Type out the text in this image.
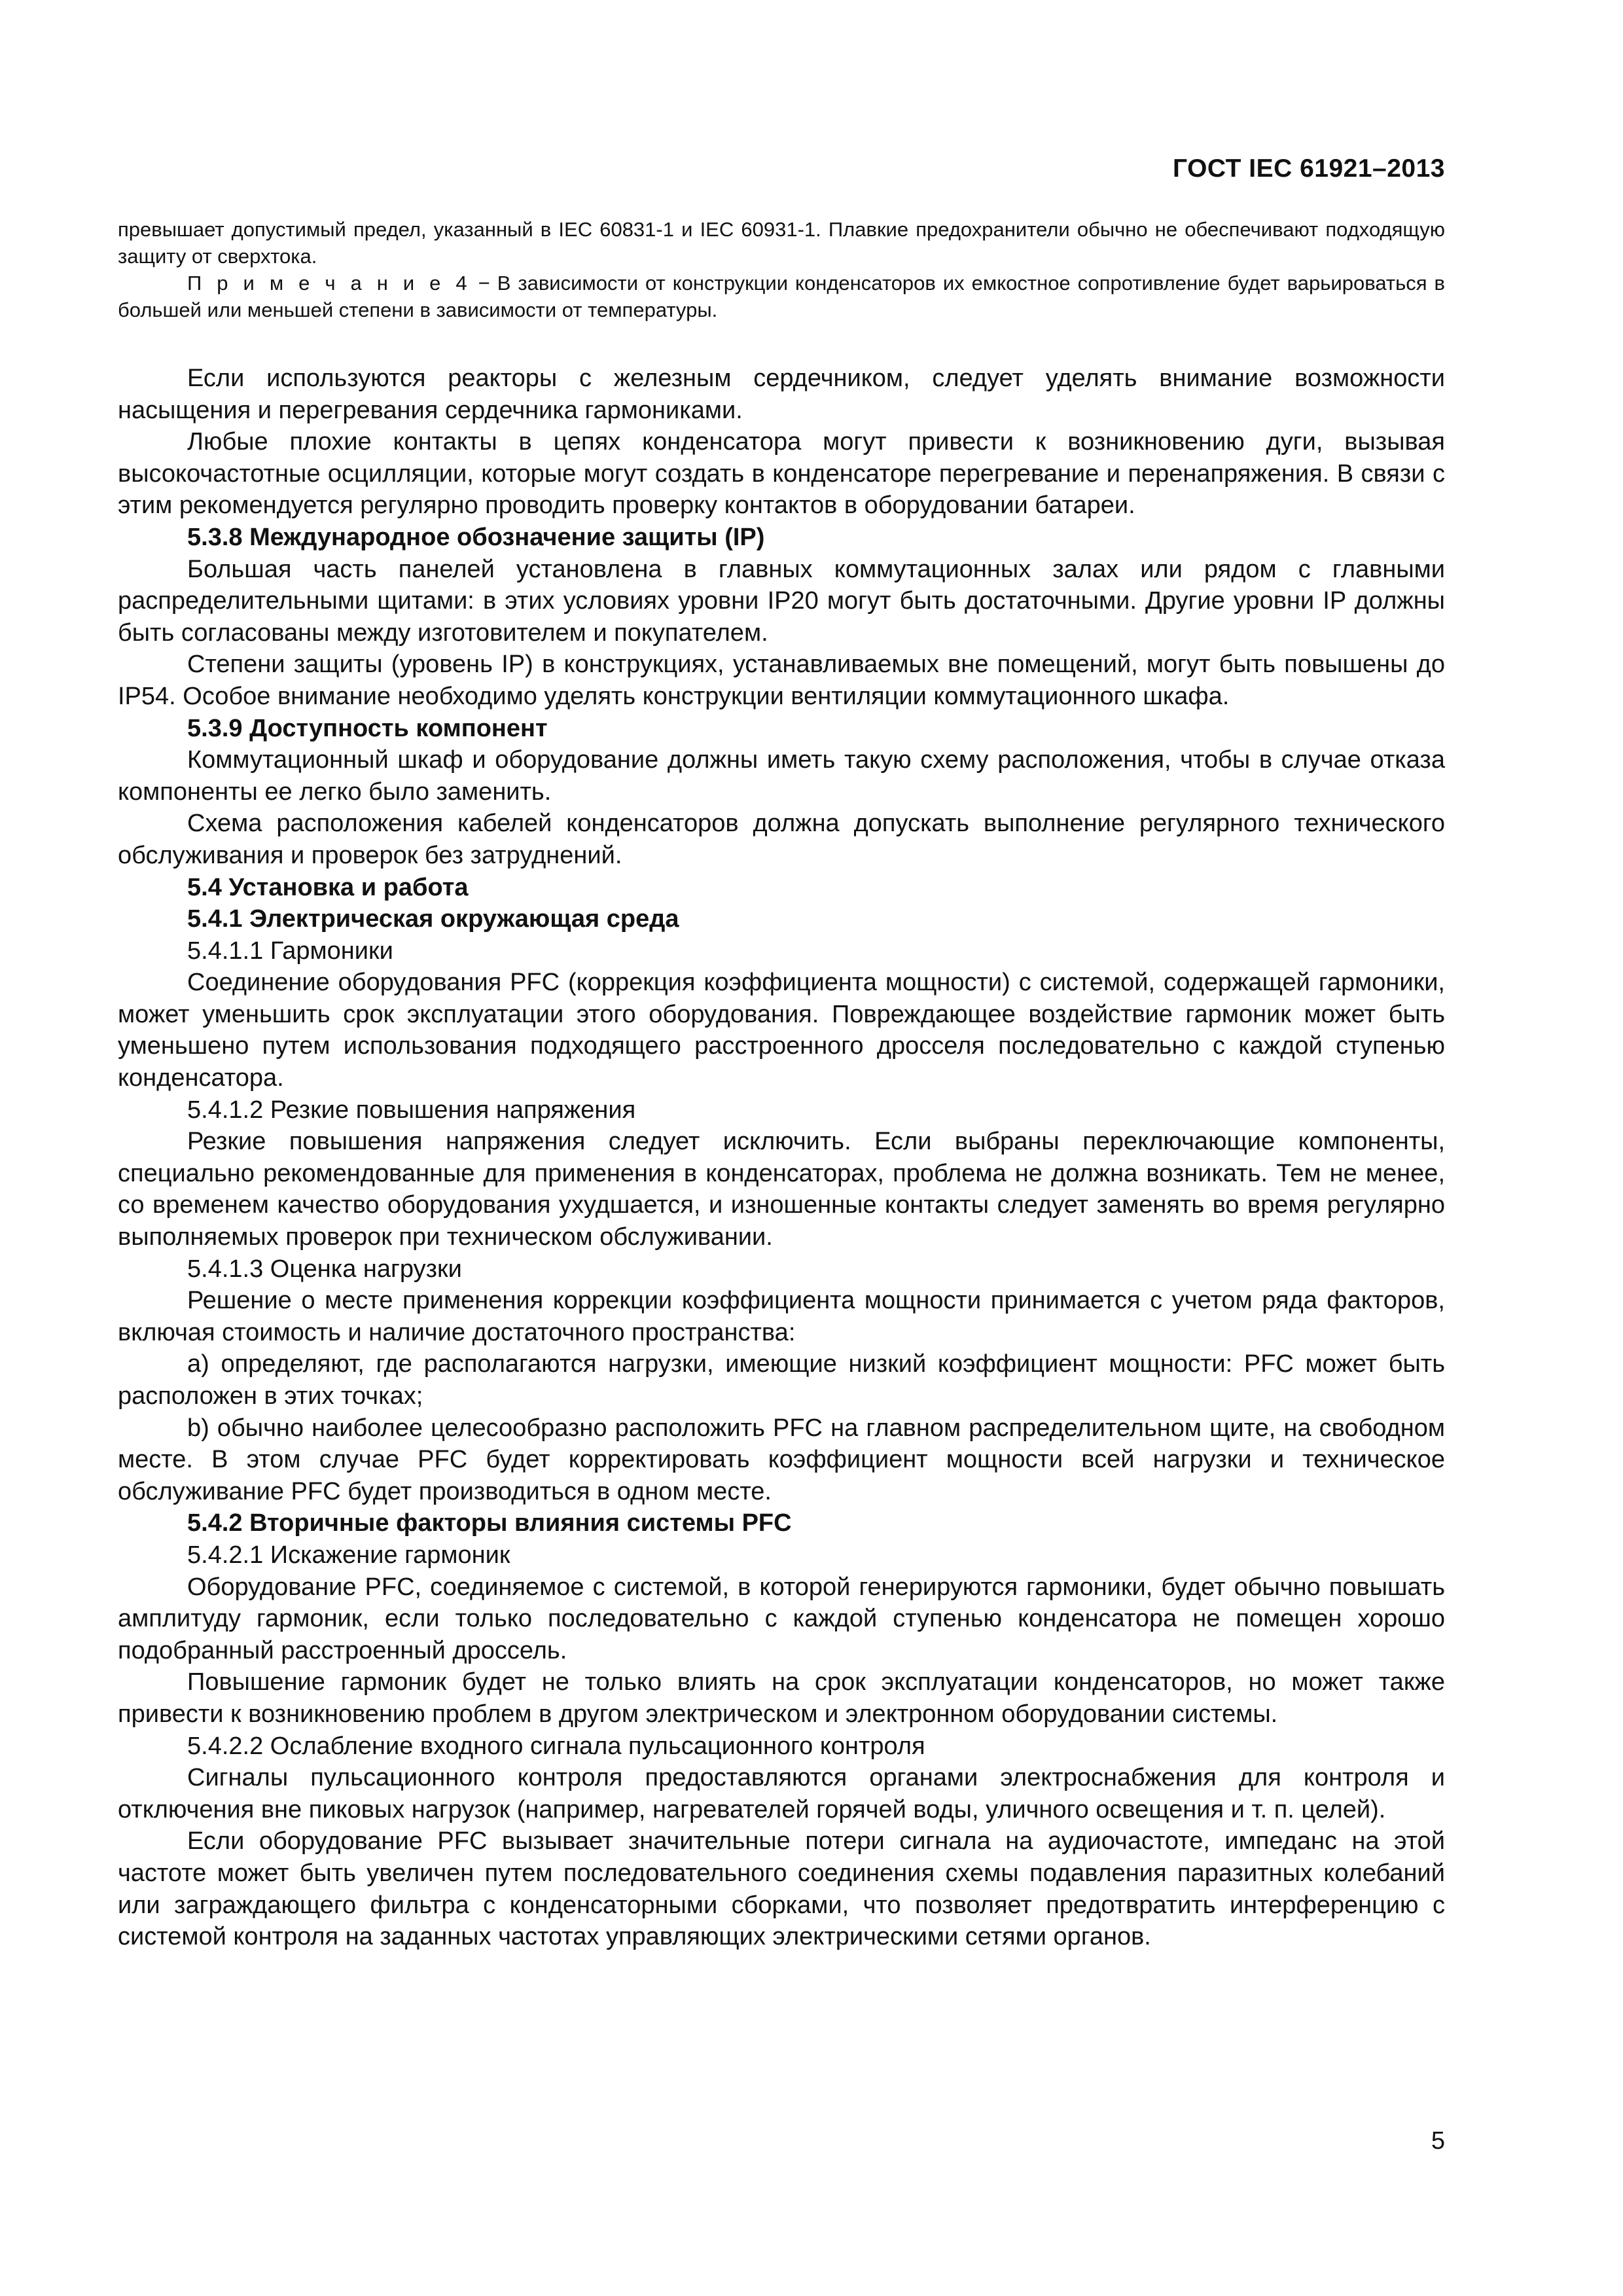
ГОСТ IEC 61921–2013

превышает допустимый предел, указанный в IEC 60831-1 и IEC 60931-1. Плавкие предохранители обычно не обеспечивают подходящую защиту от сверхтока.

П р и м е ч а н и е 4 − В зависимости от конструкции конденсаторов их емкостное сопротивление будет варьироваться в большей или меньшей степени в зависимости от температуры.

Если используются реакторы с железным сердечником, следует уделять внимание возможности насыщения и перегревания сердечника гармониками.

Любые плохие контакты в цепях конденсатора могут привести к возникновению дуги, вызывая высокочастотные осцилляции, которые могут создать в конденсаторе перегревание и перенапряжения. В связи с этим рекомендуется регулярно проводить проверку контактов в оборудовании батареи.

5.3.8 Международное обозначение защиты (IP)

Большая часть панелей установлена в главных коммутационных залах или рядом с главными распределительными щитами: в этих условиях уровни IP20 могут быть достаточными. Другие уровни IP должны быть согласованы между изготовителем и покупателем.

Степени защиты (уровень IP) в конструкциях, устанавливаемых вне помещений, могут быть повышены до IP54. Особое внимание необходимо уделять конструкции вентиляции коммутационного шкафа.

5.3.9 Доступность компонент

Коммутационный шкаф и оборудование должны иметь такую схему расположения, чтобы в случае отказа компоненты ее легко было заменить.

Схема расположения кабелей конденсаторов должна допускать выполнение регулярного технического обслуживания и проверок без затруднений.

5.4 Установка и работа

5.4.1 Электрическая окружающая среда

5.4.1.1 Гармоники

Соединение оборудования PFC (коррекция коэффициента мощности) с системой, содержащей гармоники, может уменьшить срок эксплуатации этого оборудования. Повреждающее воздействие гармоник может быть уменьшено путем использования подходящего расстроенного дросселя последовательно с каждой ступенью конденсатора.

5.4.1.2 Резкие повышения напряжения

Резкие повышения напряжения следует исключить. Если выбраны переключающие компоненты, специально рекомендованные для применения в конденсаторах, проблема не должна возникать. Тем не менее, со временем качество оборудования ухудшается, и изношенные контакты следует заменять во время регулярно выполняемых проверок при техническом обслуживании.

5.4.1.3 Оценка нагрузки

Решение о месте применения коррекции коэффициента мощности принимается с учетом ряда факторов, включая стоимость и наличие достаточного пространства:

a) определяют, где располагаются нагрузки, имеющие низкий коэффициент мощности: PFC может быть расположен в этих точках;

b) обычно наиболее целесообразно расположить PFC на главном распределительном щите, на свободном месте. В этом случае PFC будет корректировать коэффициент мощности всей нагрузки и техническое обслуживание PFC будет производиться в одном месте.

5.4.2 Вторичные факторы влияния системы PFC

5.4.2.1 Искажение гармоник

Оборудование PFC, соединяемое с системой, в которой генерируются гармоники, будет обычно повышать амплитуду гармоник, если только последовательно с каждой ступенью конденсатора не помещен хорошо подобранный расстроенный дроссель.

Повышение гармоник будет не только влиять на срок эксплуатации конденсаторов, но может также привести к возникновению проблем в другом электрическом и электронном оборудовании системы.

5.4.2.2 Ослабление входного сигнала пульсационного контроля

Сигналы пульсационного контроля предоставляются органами электроснабжения для контроля и отключения вне пиковых нагрузок (например, нагревателей горячей воды, уличного освещения и т. п. целей).

Если оборудование PFC вызывает значительные потери сигнала на аудиочастоте, импеданс на этой частоте может быть увеличен путем последовательного соединения схемы подавления паразитных колебаний или заграждающего фильтра с конденсаторными сборками, что позволяет предотвратить интерференцию с системой контроля на заданных частотах управляющих электрическими сетями органов.

5
